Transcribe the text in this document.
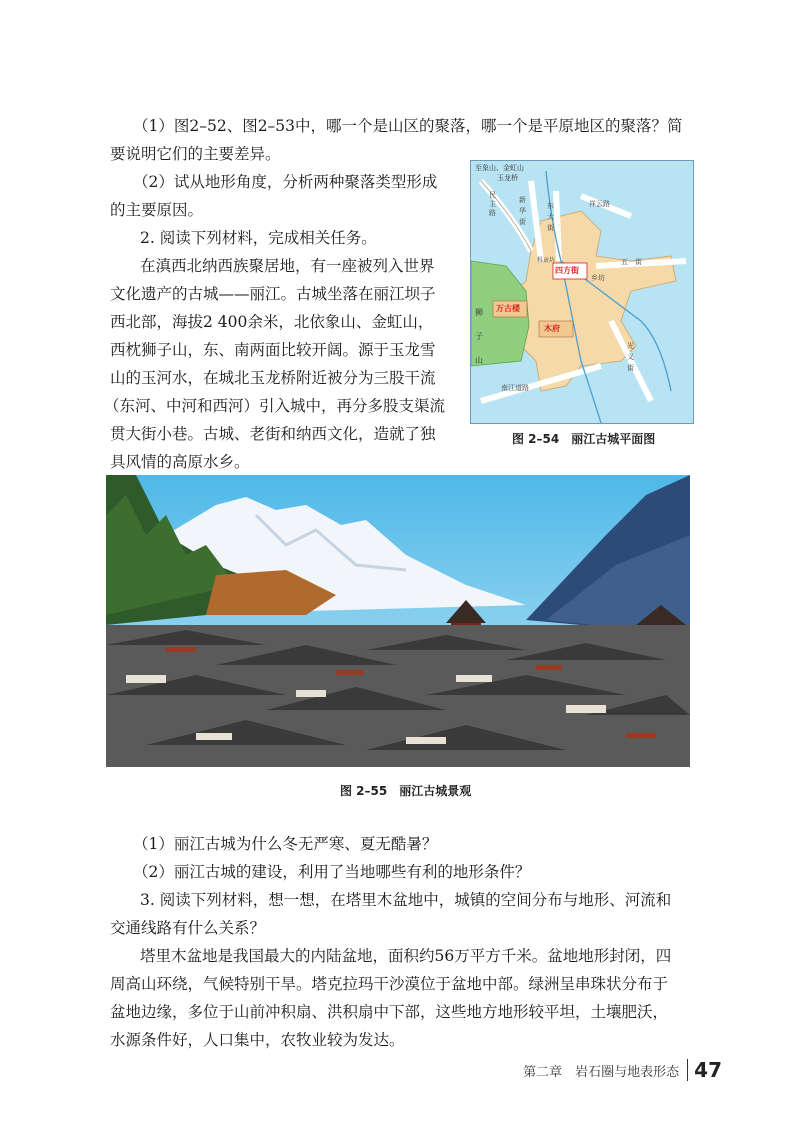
（1）图2–52、图2–53中，哪一个是山区的聚落，哪一个是平原地区的聚落？简

要说明它们的主要差异。

（2）试从地形角度，分析两种聚落类型形成

的主要原因。

2. 阅读下列材料，完成相关任务。

在滇西北纳西族聚居地，有一座被列入世界

文化遗产的古城——丽江。古城坐落在丽江坝子

西北部，海拔2 400余米，北依象山、金虹山，

西枕狮子山，东、南两面比较开阔。源于玉龙雪

山的玉河水，在城北玉龙桥附近被分为三股干流

（东河、中河和西河）引入城中，再分多股支渠流

贯大街小巷。古城、老街和纳西文化，造就了独

具风情的高原水乡。

至象山、金虹山
玉龙桥
民主路
新华街
东大街
祥云路
五一街
科贡坊
四方街
乡坊
万古楼
木府
狮子山
光义街
南江道路
图 2–54　丽江古城平面图
图 2–55　丽江古城景观

（1）丽江古城为什么冬无严寒、夏无酷暑？

（2）丽江古城的建设，利用了当地哪些有利的地形条件？

3. 阅读下列材料，想一想，在塔里木盆地中，城镇的空间分布与地形、河流和

交通线路有什么关系？

塔里木盆地是我国最大的内陆盆地，面积约56万平方千米。盆地地形封闭，四

周高山环绕，气候特别干旱。塔克拉玛干沙漠位于盆地中部。绿洲呈串珠状分布于

盆地边缘，多位于山前冲积扇、洪积扇中下部，这些地方地形较平坦，土壤肥沃，

水源条件好，人口集中，农牧业较为发达。

第二章　岩石圈与地表形态 47
